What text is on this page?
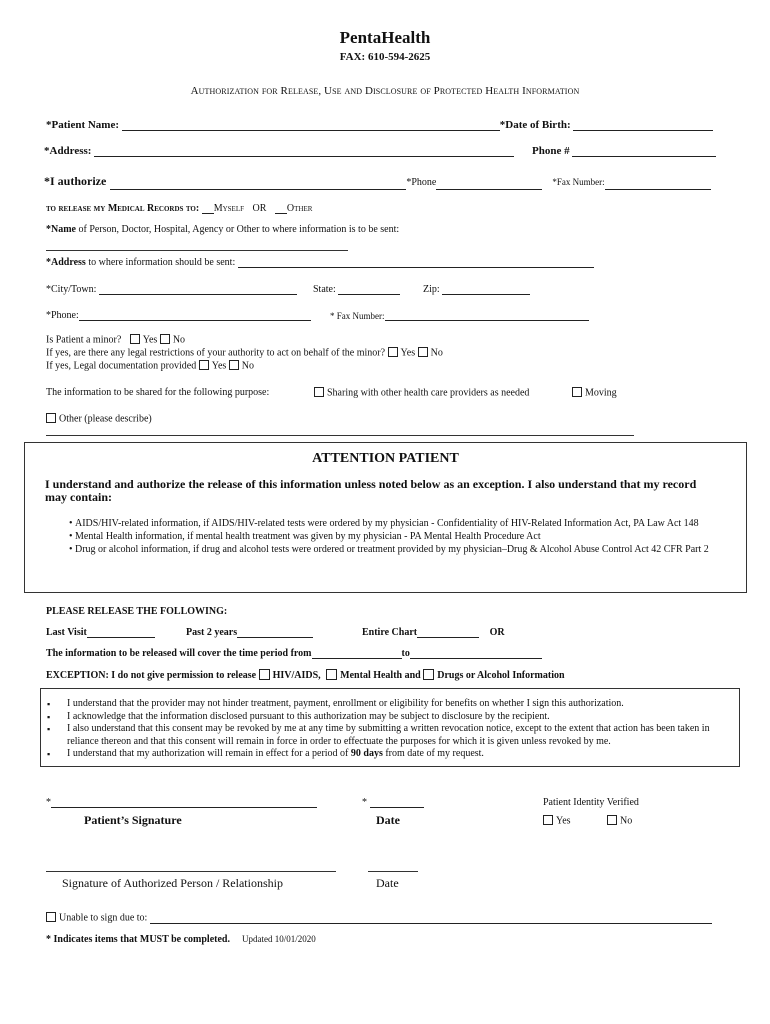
PentaHealth
FAX: 610-594-2625
Authorization for Release, Use and Disclosure of Protected Health Information
*Patient Name:	*Date of Birth:
*Address:	Phone #
*I authorize	*Phone	*Fax Number:
to release my Medical Records to: Myself OR Other
*Name of Person, Doctor, Hospital, Agency or Other to where information is to be sent:
*Address to where information should be sent:
*City/Town:	State:	Zip:
*Phone:	* Fax Number:
Is Patient a minor? Yes No
If yes, are there any legal restrictions of your authority to act on behalf of the minor? Yes No
If yes, Legal documentation provided Yes No
The information to be shared for the following purpose:	Sharing with other health care providers as needed	Moving
Other (please describe)
ATTENTION PATIENT
I understand and authorize the release of this information unless noted below as an exception. I also understand that my record may contain:
• AIDS/HIV-related information, if AIDS/HIV-related tests were ordered by my physician - Confidentiality of HIV-Related Information Act, PA Law Act 148
• Mental Health information, if mental health treatment was given by my physician - PA Mental Health Procedure Act
• Drug or alcohol information, if drug and alcohol tests were ordered or treatment provided by my physician–Drug & Alcohol Abuse Control Act 42 CFR Part 2
PLEASE RELEASE THE FOLLOWING:
Last Visit	Past 2 years	Entire Chart	OR
The information to be released will cover the time period from	to
EXCEPTION: I do not give permission to release HIV/AIDS, Mental Health and Drugs or Alcohol Information
▪ I understand that the provider may not hinder treatment, payment, enrollment or eligibility for benefits on whether I sign this authorization.
▪ I acknowledge that the information disclosed pursuant to this authorization may be subject to disclosure by the recipient.
▪ I also understand that this consent may be revoked by me at any time by submitting a written revocation notice, except to the extent that action has been taken in reliance thereon and that this consent will remain in force in order to effectuate the purposes for which it is given unless revoked by me.
▪ I understand that my authorization will remain in effect for a period of 90 days from date of my request.
*	*	Patient Identity Verified
Patient’s Signature	Date	Yes	No
Signature of Authorized Person / Relationship	Date
Unable to sign due to:
* Indicates items that MUST be completed. Updated 10/01/2020
